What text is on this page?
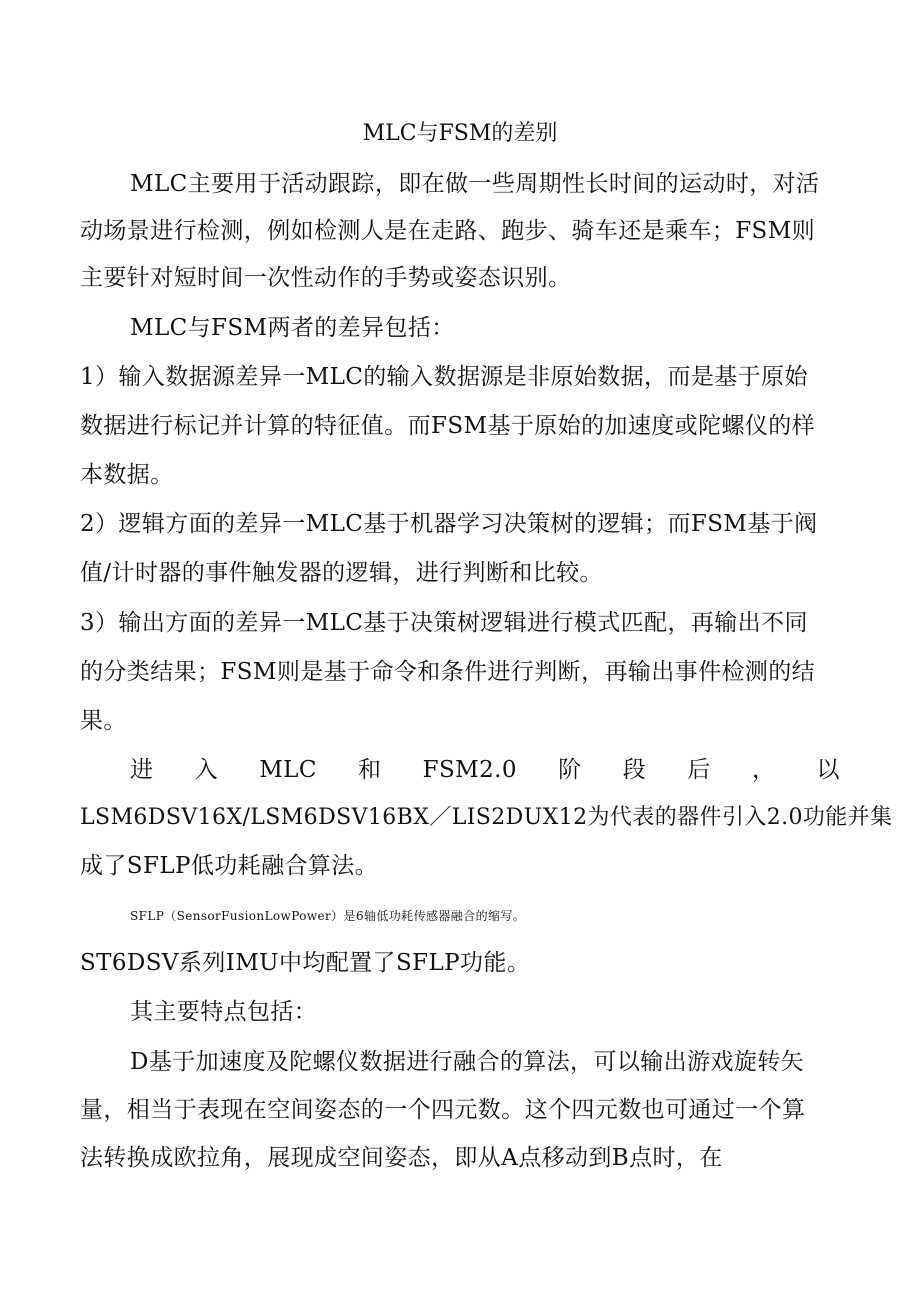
MLC与FSM的差别
MLC主要用于活动跟踪，即在做一些周期性长时间的运动时，对活
动场景进行检测，例如检测人是在走路、跑步、骑车还是乘车；FSM则
主要针对短时间一次性动作的手势或姿态识别。
MLC与FSM两者的差异包括：
1）输入数据源差异一MLC的输入数据源是非原始数据，而是基于原始
数据进行标记并计算的特征值。而FSM基于原始的加速度或陀螺仪的样
本数据。
2）逻辑方面的差异一MLC基于机器学习决策树的逻辑；而FSM基于阀
值/计时器的事件触发器的逻辑，进行判断和比较。
3）输出方面的差异一MLC基于决策树逻辑进行模式匹配，再输出不同
的分类结果；FSM则是基于命令和条件进行判断，再输出事件检测的结
果。
进 入 MLC 和 FSM2.0 阶 段 后 ， 以
LSM6DSV16X/LSM6DSV16BX／LIS2DUX12为代表的器件引入2.0功能并集
成了SFLP低功耗融合算法。
SFLP（SensorFusionLowPower）是6轴低功耗传感器融合的缩写。
ST6DSV系列IMU中均配置了SFLP功能。
其主要特点包括：
D基于加速度及陀螺仪数据进行融合的算法，可以输出游戏旋转矢
量，相当于表现在空间姿态的一个四元数。这个四元数也可通过一个算
法转换成欧拉角，展现成空间姿态，即从A点移动到B点时，在
